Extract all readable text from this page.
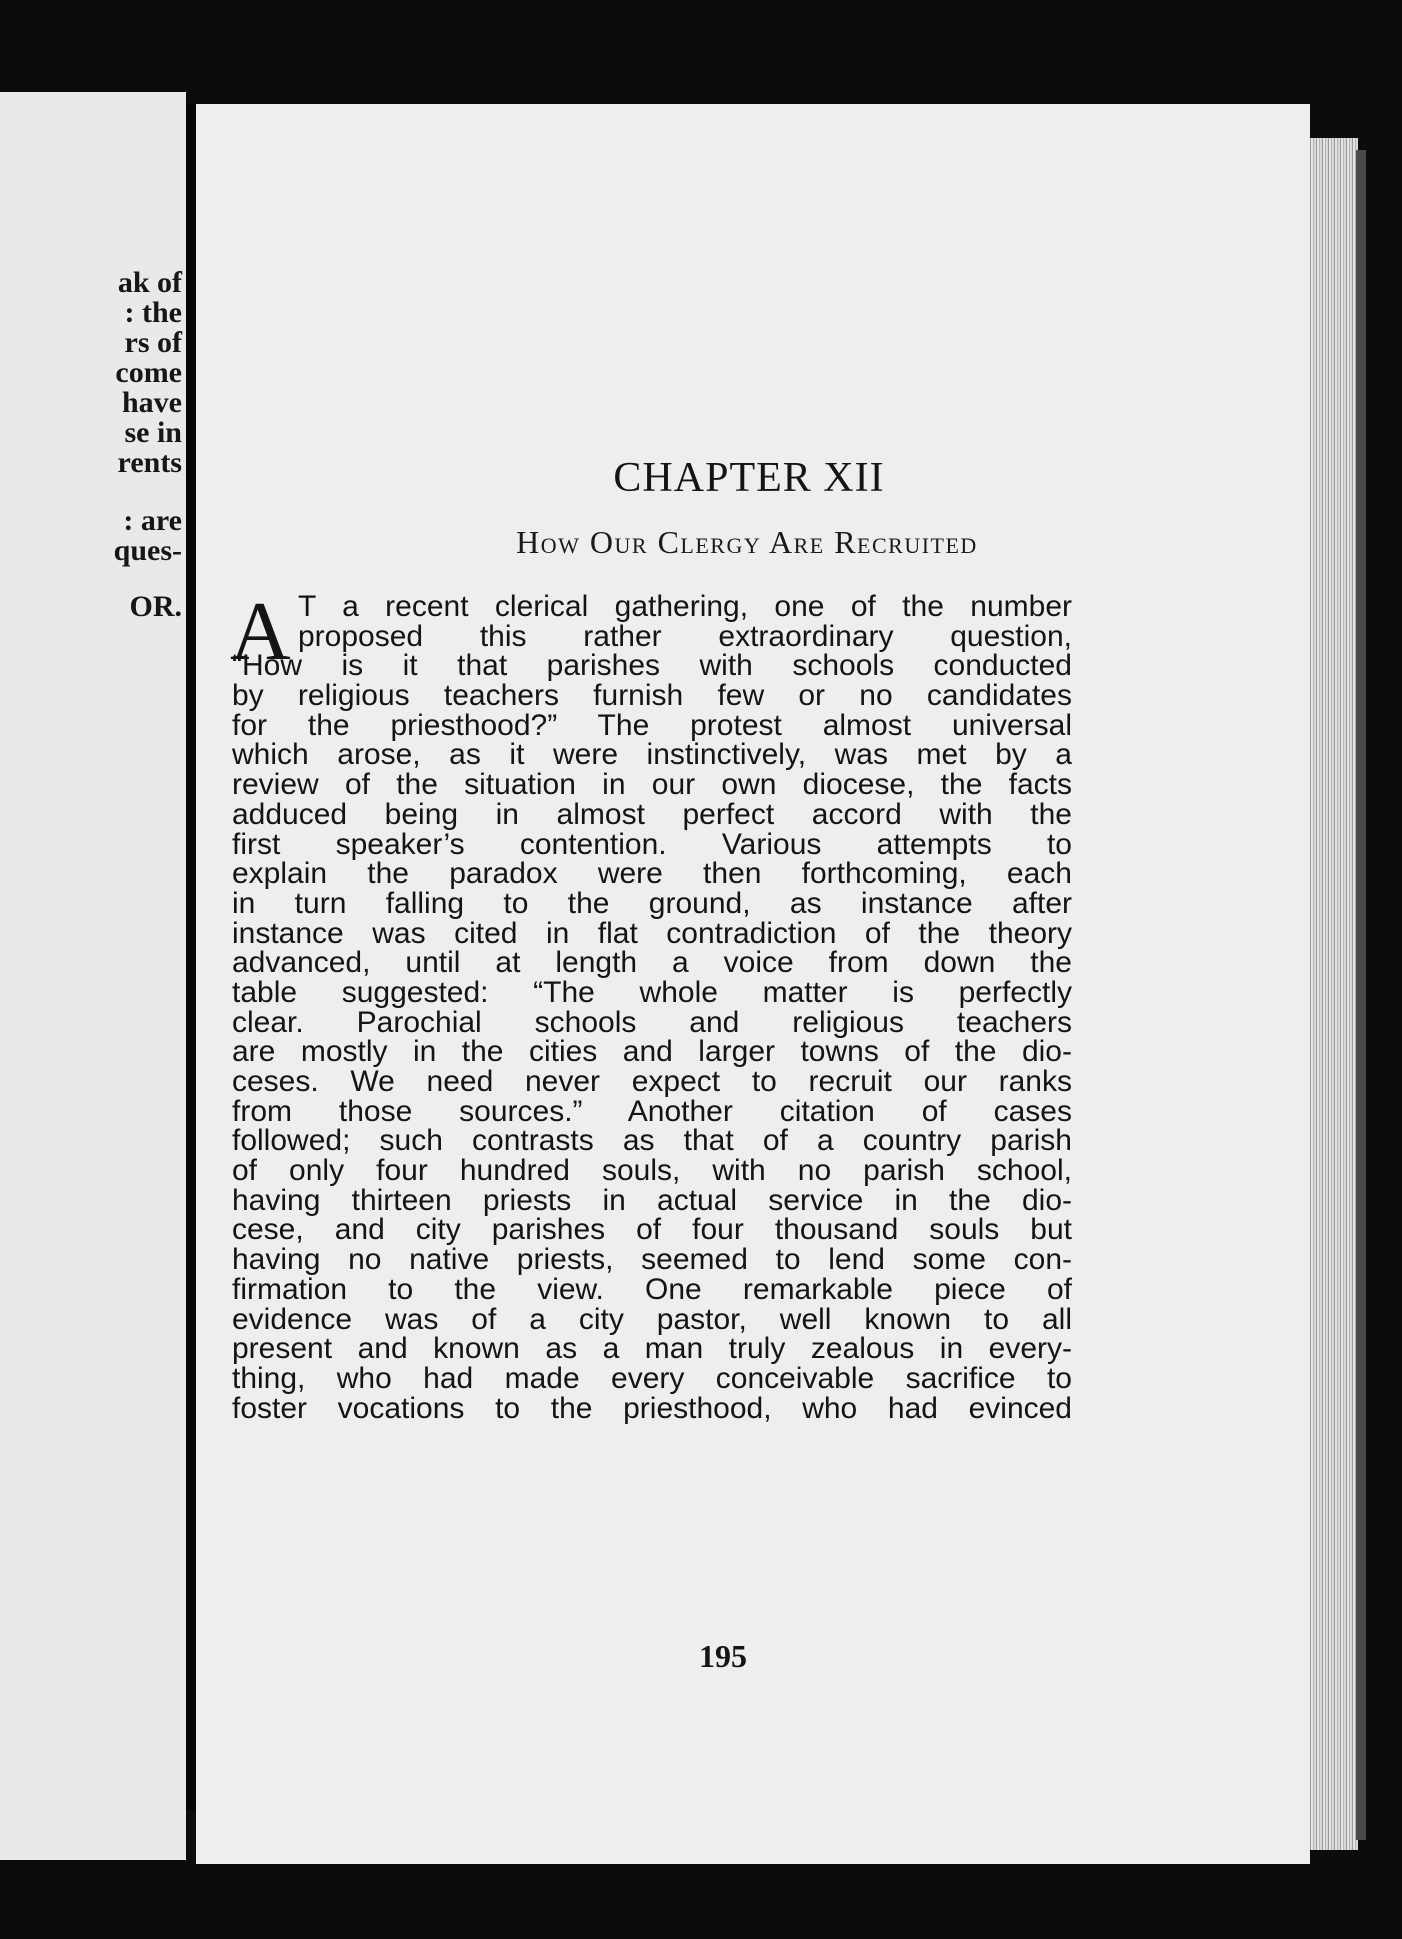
ak of
: the
rs of
come
have
se in
rents
: are
ques-
OR.
CHAPTER XII
How Our Clergy Are Recruited
A T a recent clerical gathering, one of the number
proposed this rather extraordinary question,
“How is it that parishes with schools conducted
by religious teachers furnish few or no candidates
for the priesthood?” The protest almost universal
which arose, as it were instinctively, was met by a
review of the situation in our own diocese, the facts
adduced being in almost perfect accord with the
first speaker’s contention. Various attempts to
explain the paradox were then forthcoming, each
in turn falling to the ground, as instance after
instance was cited in flat contradiction of the theory
advanced, until at length a voice from down the
table suggested: “The whole matter is perfectly
clear. Parochial schools and religious teachers
are mostly in the cities and larger towns of the dio-
ceses. We need never expect to recruit our ranks
from those sources.” Another citation of cases
followed; such contrasts as that of a country parish
of only four hundred souls, with no parish school,
having thirteen priests in actual service in the dio-
cese, and city parishes of four thousand souls but
having no native priests, seemed to lend some con-
firmation to the view. One remarkable piece of
evidence was of a city pastor, well known to all
present and known as a man truly zealous in every-
thing, who had made every conceivable sacrifice to
foster vocations to the priesthood, who had evinced
195
